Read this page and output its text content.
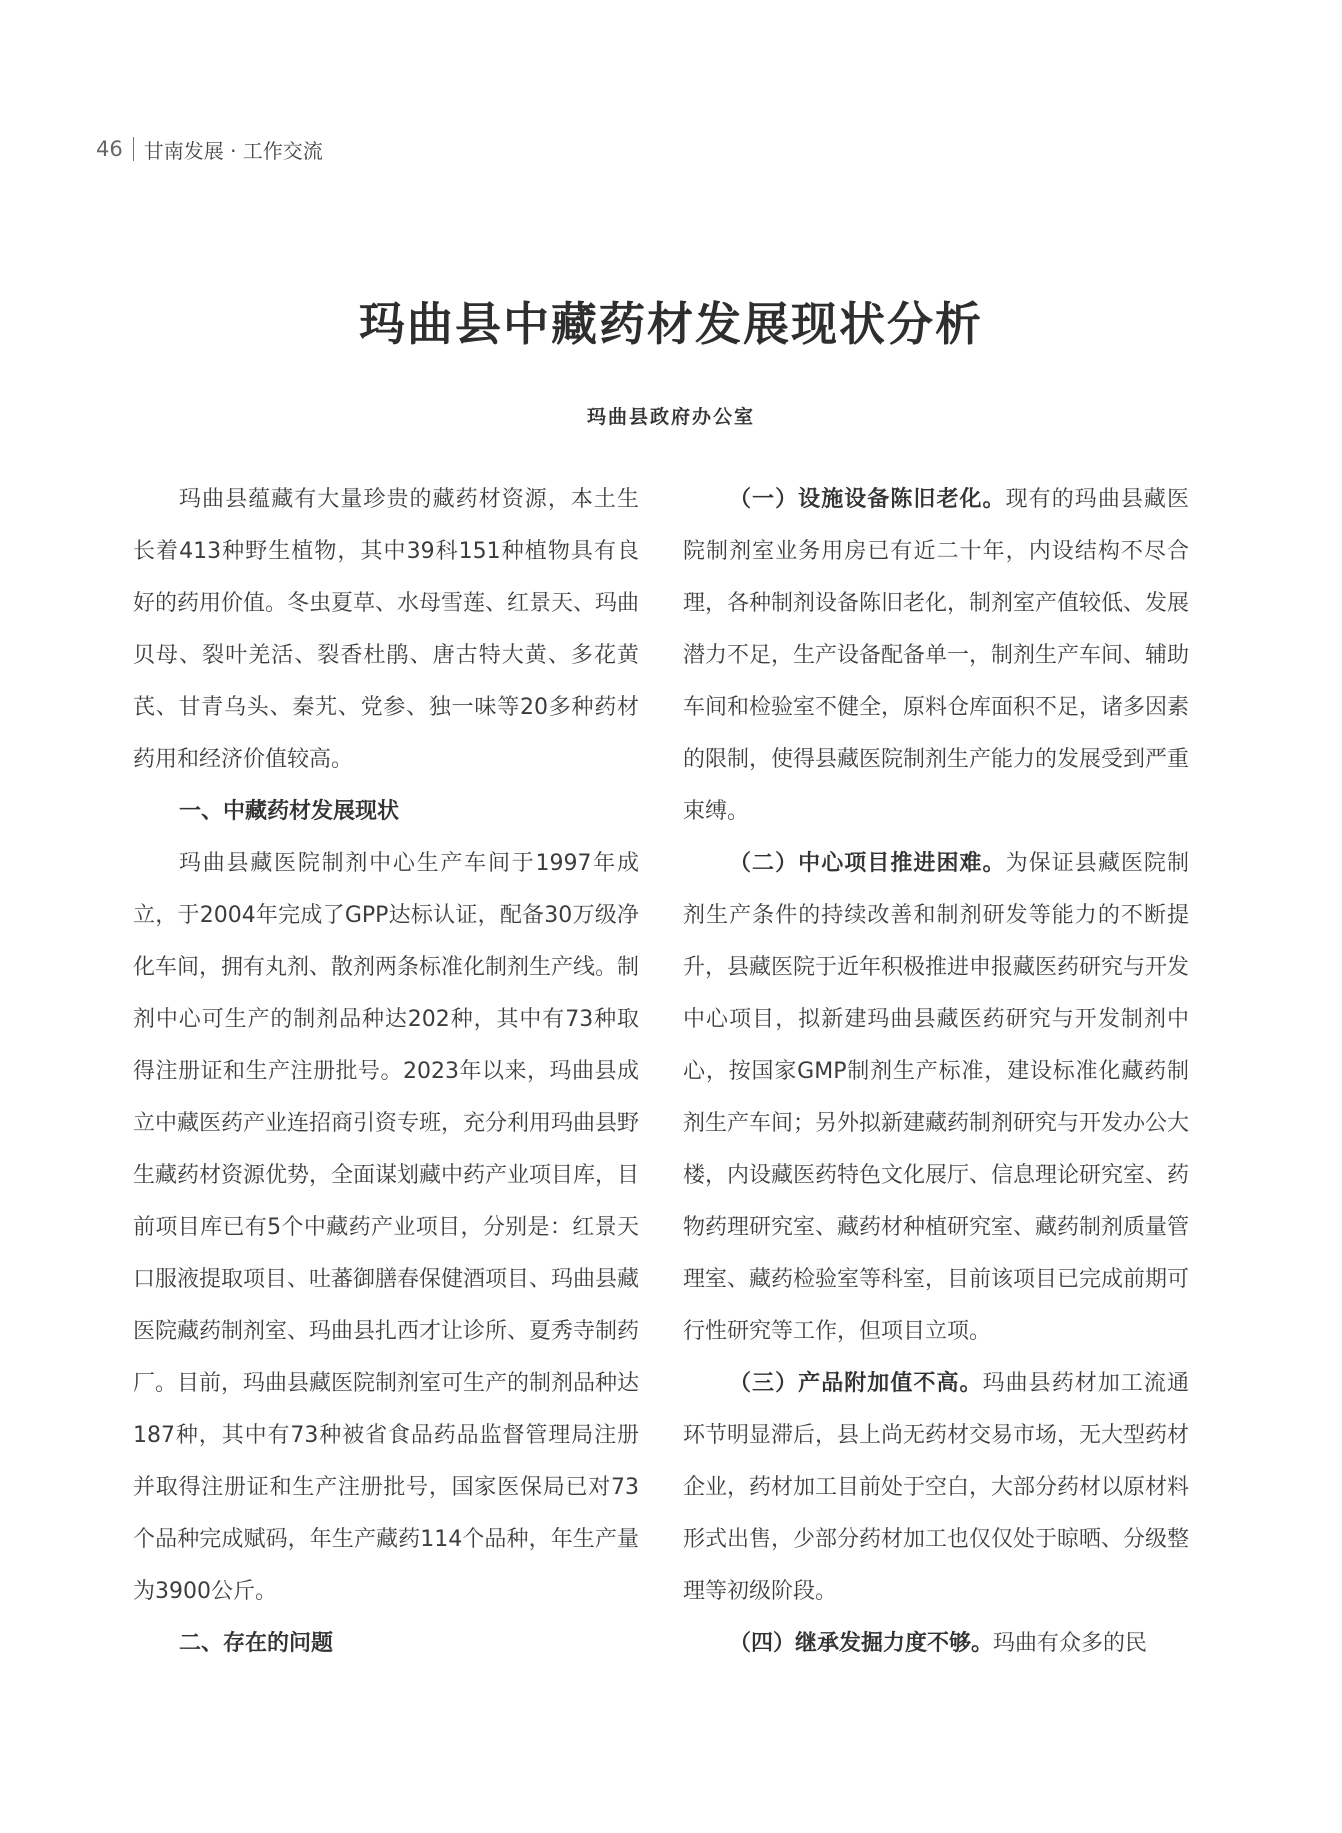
46 甘南发展 · 工作交流
玛曲县中藏药材发展现状分析
玛曲县政府办公室

玛曲县蕴藏有大量珍贵的藏药材资源，本土生长着413种野生植物，其中39科151种植物具有良好的药用价值。冬虫夏草、水母雪莲、红景天、玛曲贝母、裂叶羌活、裂香杜鹃、唐古特大黄、多花黄芪、甘青乌头、秦艽、党参、独一味等20多种药材药用和经济价值较高。

一、中藏药材发展现状

玛曲县藏医院制剂中心生产车间于1997年成立，于2004年完成了GPP达标认证，配备30万级净化车间，拥有丸剂、散剂两条标准化制剂生产线。制剂中心可生产的制剂品种达202种，其中有73种取得注册证和生产注册批号。2023年以来，玛曲县成立中藏医药产业连招商引资专班，充分利用玛曲县野生藏药材资源优势，全面谋划藏中药产业项目库，目前项目库已有5个中藏药产业项目，分别是：红景天口服液提取项目、吐蕃御膳春保健酒项目、玛曲县藏医院藏药制剂室、玛曲县扎西才让诊所、夏秀寺制药厂。目前，玛曲县藏医院制剂室可生产的制剂品种达187种，其中有73种被省食品药品监督管理局注册并取得注册证和生产注册批号，国家医保局已对73个品种完成赋码，年生产藏药114个品种，年生产量为3900公斤。

二、存在的问题

（一）设施设备陈旧老化。现有的玛曲县藏医院制剂室业务用房已有近二十年，内设结构不尽合理，各种制剂设备陈旧老化，制剂室产值较低、发展潜力不足，生产设备配备单一，制剂生产车间、辅助车间和检验室不健全，原料仓库面积不足，诸多因素的限制，使得县藏医院制剂生产能力的发展受到严重束缚。

（二）中心项目推进困难。为保证县藏医院制剂生产条件的持续改善和制剂研发等能力的不断提升，县藏医院于近年积极推进申报藏医药研究与开发中心项目，拟新建玛曲县藏医药研究与开发制剂中心，按国家GMP制剂生产标准，建设标准化藏药制剂生产车间；另外拟新建藏药制剂研究与开发办公大楼，内设藏医药特色文化展厅、信息理论研究室、药物药理研究室、藏药材种植研究室、藏药制剂质量管理室、藏药检验室等科室，目前该项目已完成前期可行性研究等工作，但项目立项。

（三）产品附加值不高。玛曲县药材加工流通环节明显滞后，县上尚无药材交易市场，无大型药材企业，药材加工目前处于空白，大部分药材以原材料形式出售，少部分药材加工也仅仅处于晾晒、分级整理等初级阶段。

（四）继承发掘力度不够。玛曲有众多的民
